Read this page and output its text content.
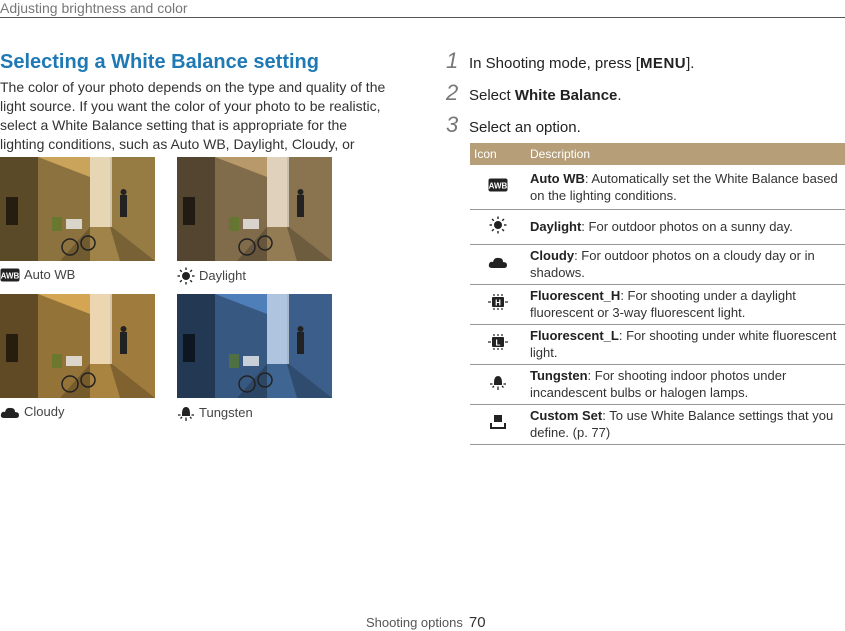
Adjusting brightness and color
Selecting a White Balance setting

The color of your photo depends on the type and quality of the light source. If you want the color of your photo to be realistic, select a White Balance setting that is appropriate for the lighting conditions, such as Auto WB, Daylight, Cloudy, or

AWB Auto WB	Daylight
Cloudy	Tungsten
1 In Shooting mode, press [MENU].
2 Select White Balance.
3 Select an option.
Icon	Description

AWB	Auto WB: Automatically set the White Balance based on the lighting conditions.

	Daylight: For outdoor photos on a sunny day.

	Cloudy: For outdoor photos on a cloudy day or in shadows.

H	Fluorescent_H: For shooting under a daylight fluorescent or 3-way fluorescent light.

L	Fluorescent_L: For shooting under white fluorescent light.

	Tungsten: For shooting indoor photos under incandescent bulbs or halogen lamps.

	Custom Set: To use White Balance settings that you define. (p. 77)
Shooting options 70
